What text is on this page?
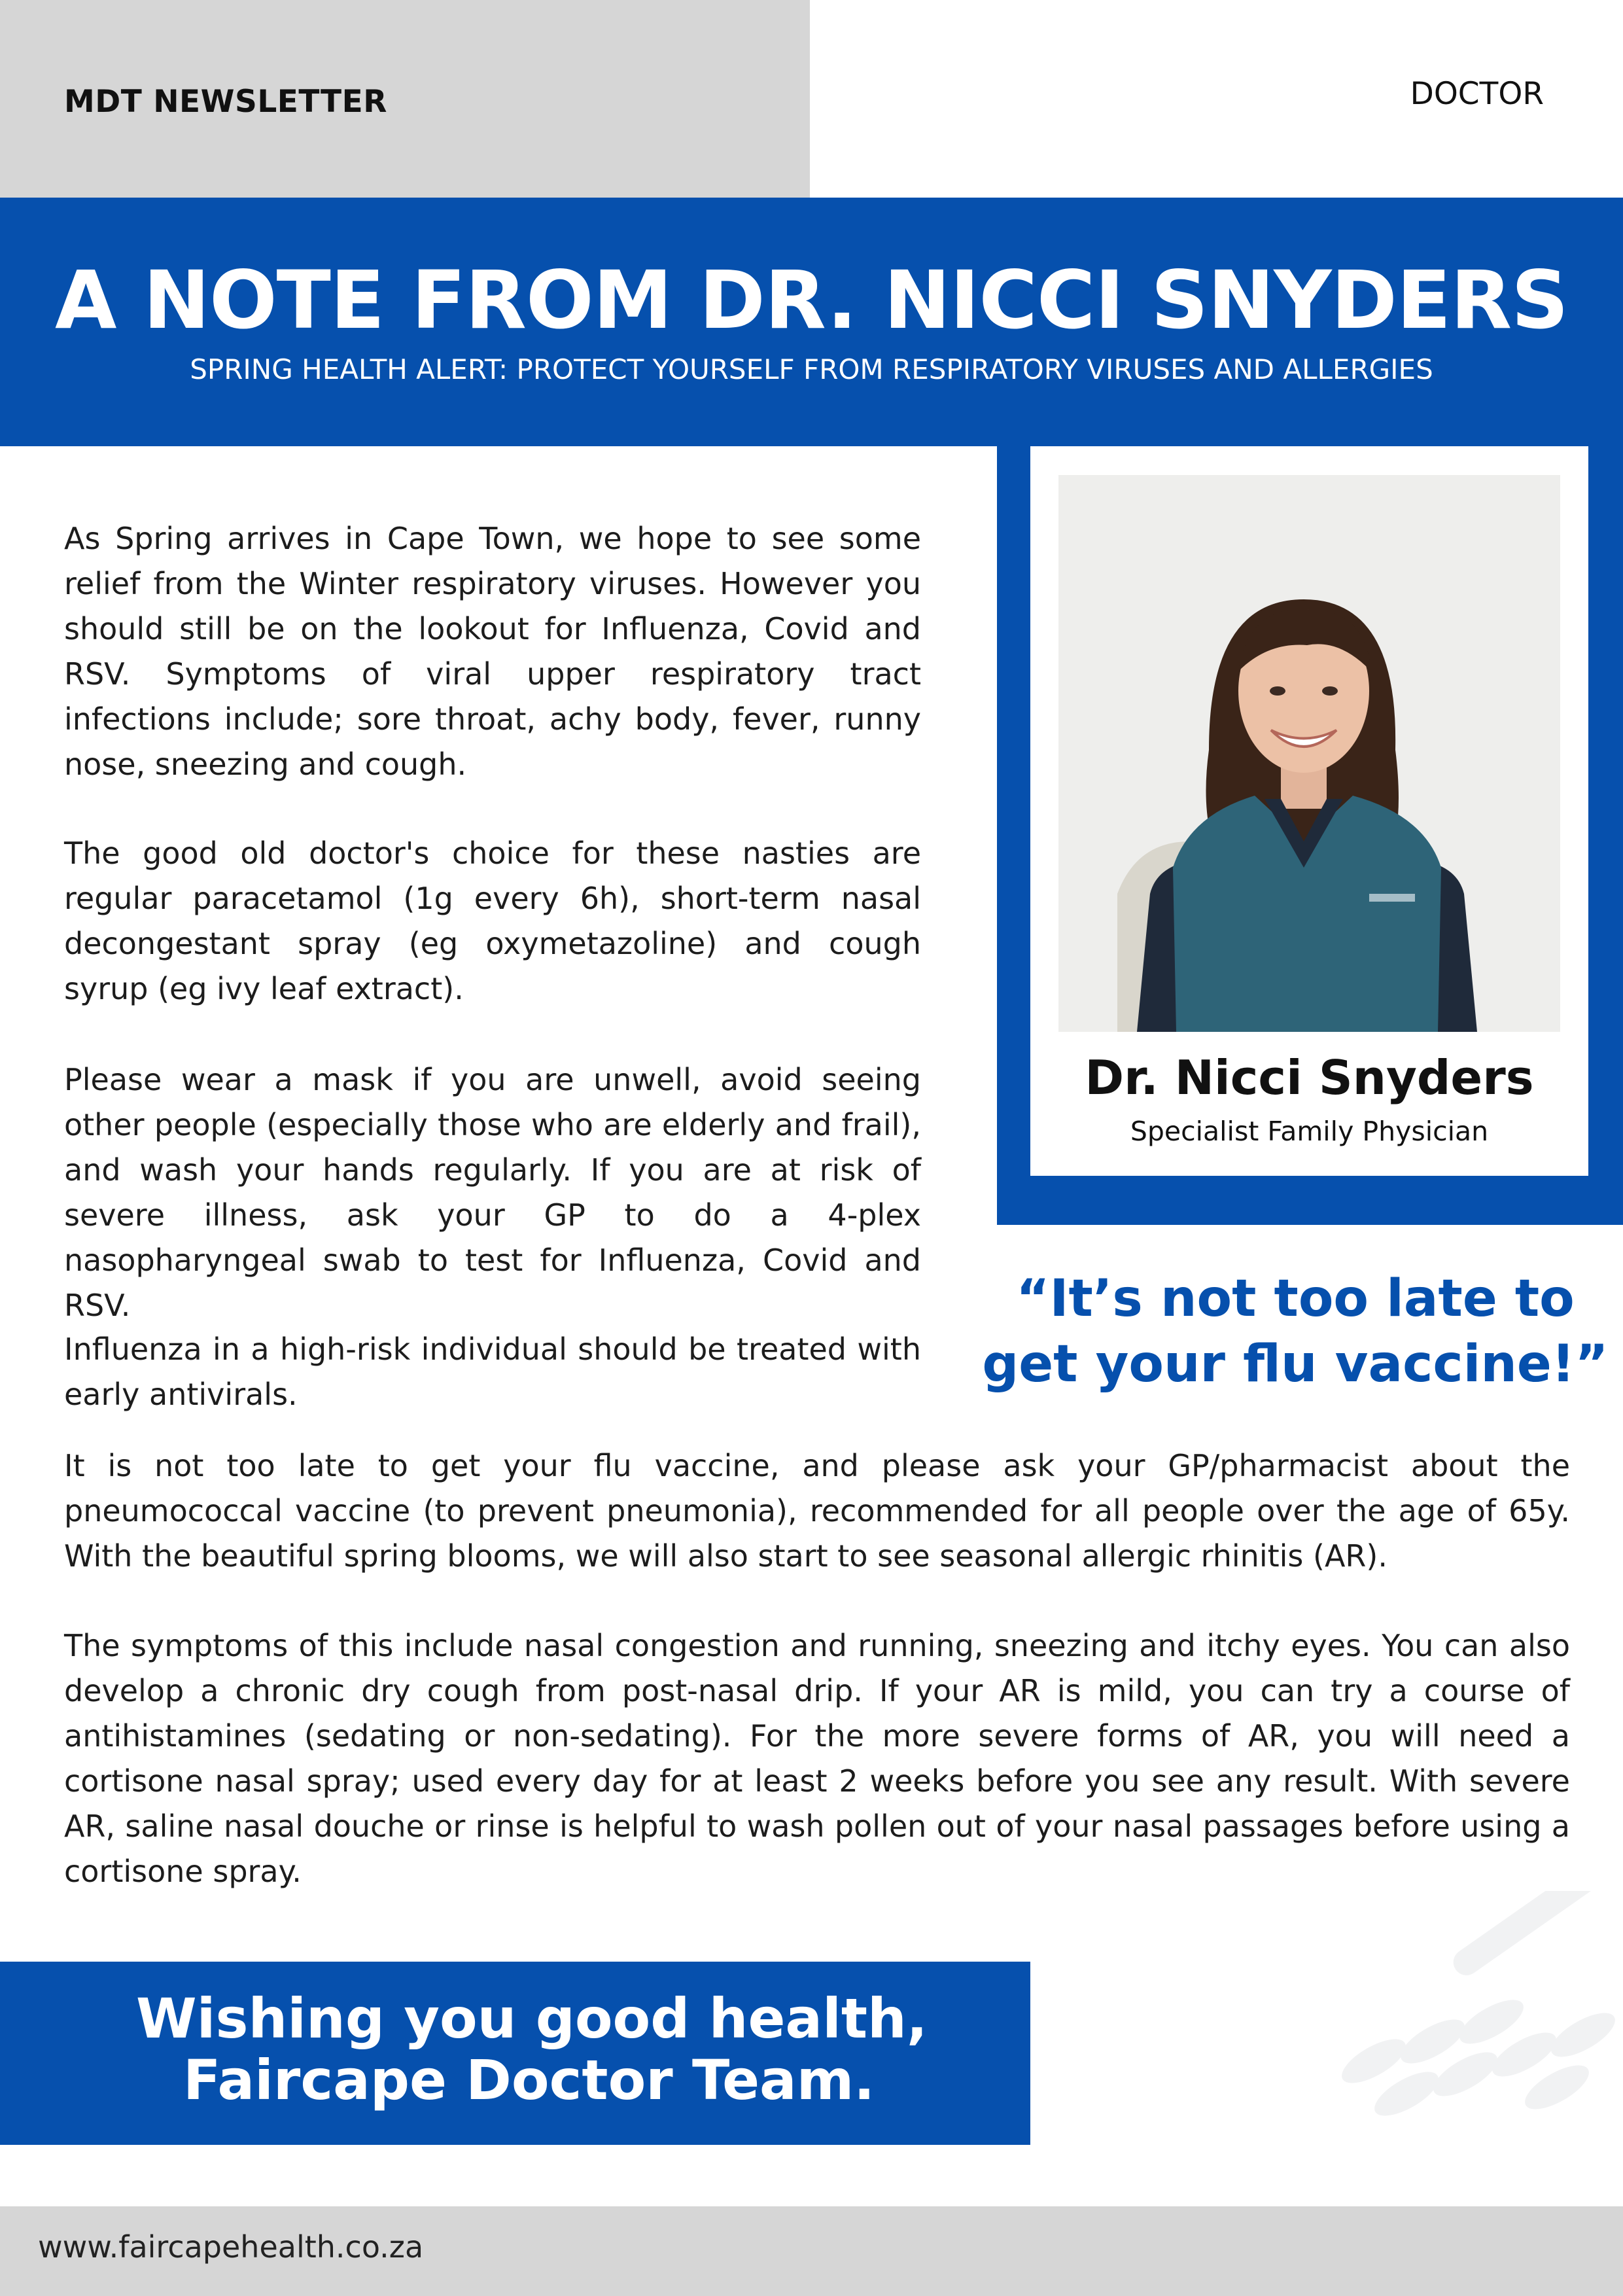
MDT NEWSLETTER	DOCTOR
A NOTE FROM DR. NICCI SNYDERS
SPRING HEALTH ALERT: PROTECT YOURSELF FROM RESPIRATORY VIRUSES AND ALLERGIES
Dr. Nicci Snyders
Specialist Family Physician

As Spring arrives in Cape Town, we hope to see some relief from the Winter respiratory viruses. However you should still be on the lookout for Influenza, Covid and RSV. Symptoms of viral upper respiratory tract infections include; sore throat, achy body, fever, runny nose, sneezing and cough.

The good old doctor's choice for these nasties are regular paracetamol (1g every 6h), short-term nasal decongestant spray (eg oxymetazoline) and cough syrup (eg ivy leaf extract).

Please wear a mask if you are unwell, avoid seeing other people (especially those who are elderly and frail), and wash your hands regularly. If you are at risk of severe illness, ask your GP to do a 4-plex nasopharyngeal swab to test for Influenza, Covid and RSV.

Influenza in a high-risk individual should be treated with early antivirals.

“It’s not too late to get your flu vaccine!”

It is not too late to get your flu vaccine, and please ask your GP/pharmacist about the pneumococcal vaccine (to prevent pneumonia), recommended for all people over the age of 65y. With the beautiful spring blooms, we will also start to see seasonal allergic rhinitis (AR).

The symptoms of this include nasal congestion and running, sneezing and itchy eyes. You can also develop a chronic dry cough from post-nasal drip. If your AR is mild, you can try a course of antihistamines (sedating or non-sedating). For the more severe forms of AR, you will need a cortisone nasal spray; used every day for at least 2 weeks before you see any result. With severe AR, saline nasal douche or rinse is helpful to wash pollen out of your nasal passages before using a cortisone spray.

Wishing you good health,
Faircape Doctor Team.
www.faircapehealth.co.za
